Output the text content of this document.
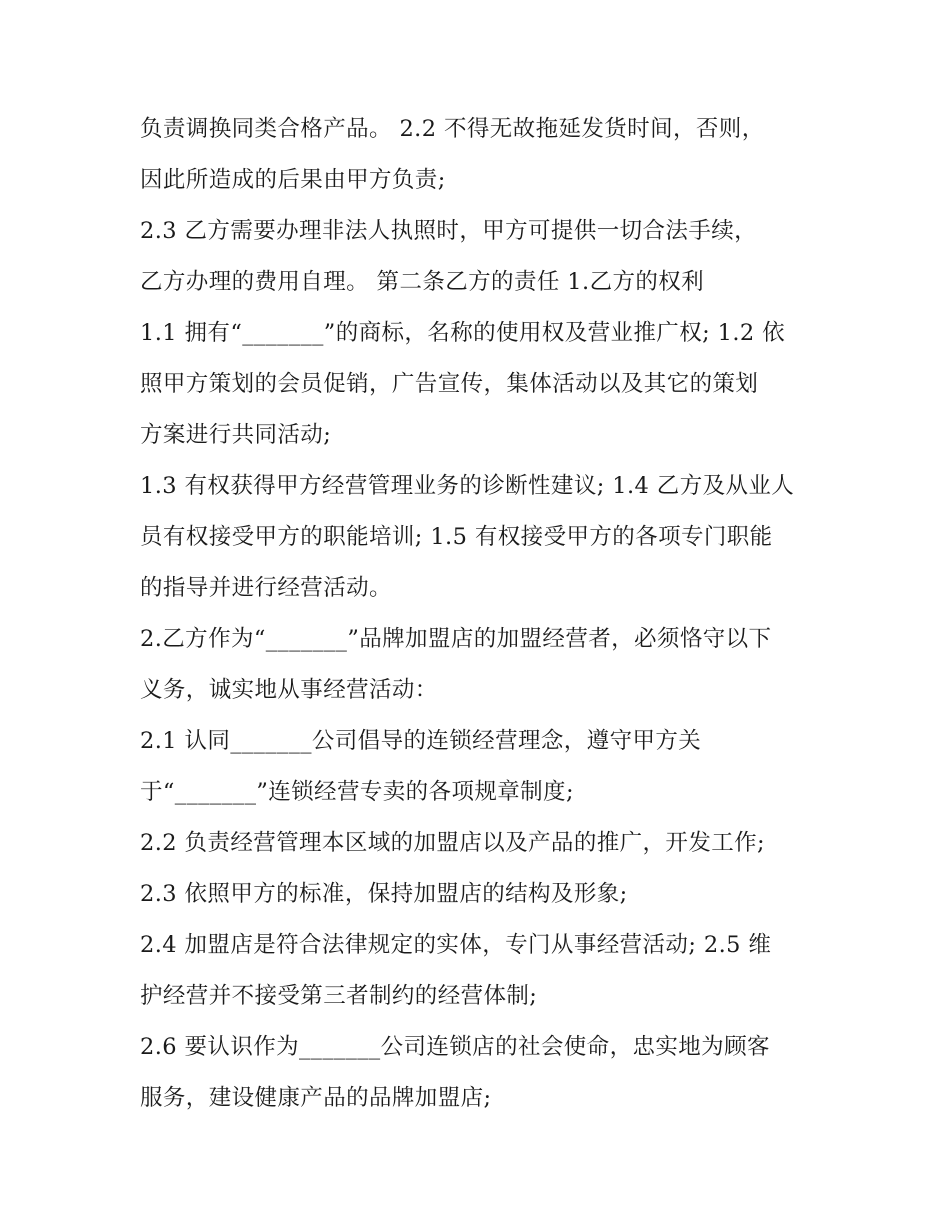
负责调换同类合格产品。 2.2 不得无故拖延发货时间，否则，
因此所造成的后果由甲方负责;
2.3 乙方需要办理非法人执照时，甲方可提供一切合法手续，
乙方办理的费用自理。 第二条乙方的责任 1.乙方的权利
1.1 拥有“_______”的商标，名称的使用权及营业推广权; 1.2 依
照甲方策划的会员促销，广告宣传，集体活动以及其它的策划
方案进行共同活动;
1.3 有权获得甲方经营管理业务的诊断性建议; 1.4 乙方及从业人
员有权接受甲方的职能培训; 1.5 有权接受甲方的各项专门职能
的指导并进行经营活动。
2.乙方作为“_______”品牌加盟店的加盟经营者，必须恪守以下
义务，诚实地从事经营活动：
2.1 认同_______公司倡导的连锁经营理念，遵守甲方关
于“_______”连锁经营专卖的各项规章制度;
2.2 负责经营管理本区域的加盟店以及产品的推广，开发工作;
2.3 依照甲方的标准，保持加盟店的结构及形象;
2.4 加盟店是符合法律规定的实体，专门从事经营活动; 2.5 维
护经营并不接受第三者制约的经营体制;
2.6 要认识作为_______公司连锁店的社会使命，忠实地为顾客
服务，建设健康产品的品牌加盟店;
